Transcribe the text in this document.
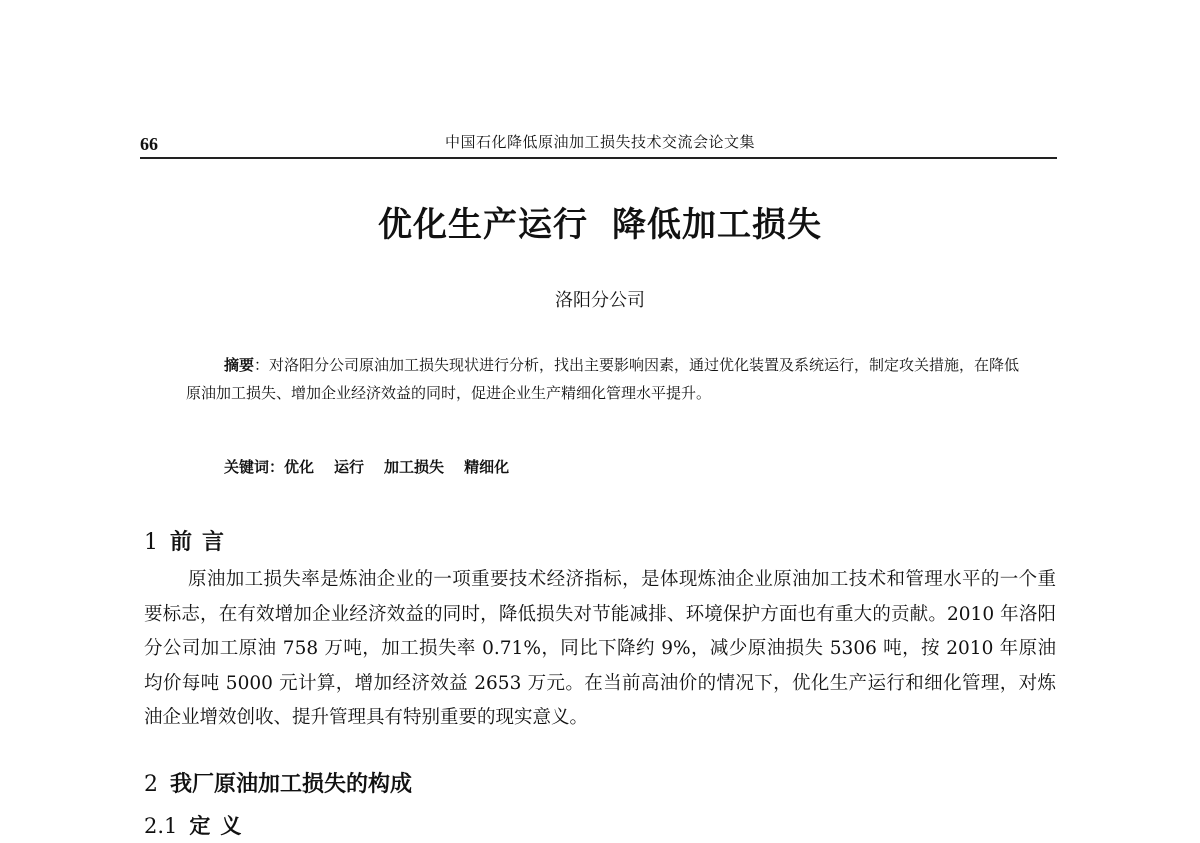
66	中国石化降低原油加工损失技术交流会论文集
优化生产运行 降低加工损失
洛阳分公司
摘要：对洛阳分公司原油加工损失现状进行分析，找出主要影响因素，通过优化装置及系统运行，制定攻关措施，在降低原油加工损失、增加企业经济效益的同时，促进企业生产精细化管理水平提升。
关键词：优化 运行 加工损失 精细化
1 前言
原油加工损失率是炼油企业的一项重要技术经济指标，是体现炼油企业原油加工技术和管理水平的一个重要标志，在有效增加企业经济效益的同时，降低损失对节能减排、环境保护方面也有重大的贡献。2010 年洛阳分公司加工原油 758 万吨，加工损失率 0.71%，同比下降约 9%，减少原油损失 5306 吨，按 2010 年原油均价每吨 5000 元计算，增加经济效益 2653 万元。在当前高油价的情况下，优化生产运行和细化管理，对炼油企业增效创收、提升管理具有特别重要的现实意义。
2 我厂原油加工损失的构成
2.1 定义
